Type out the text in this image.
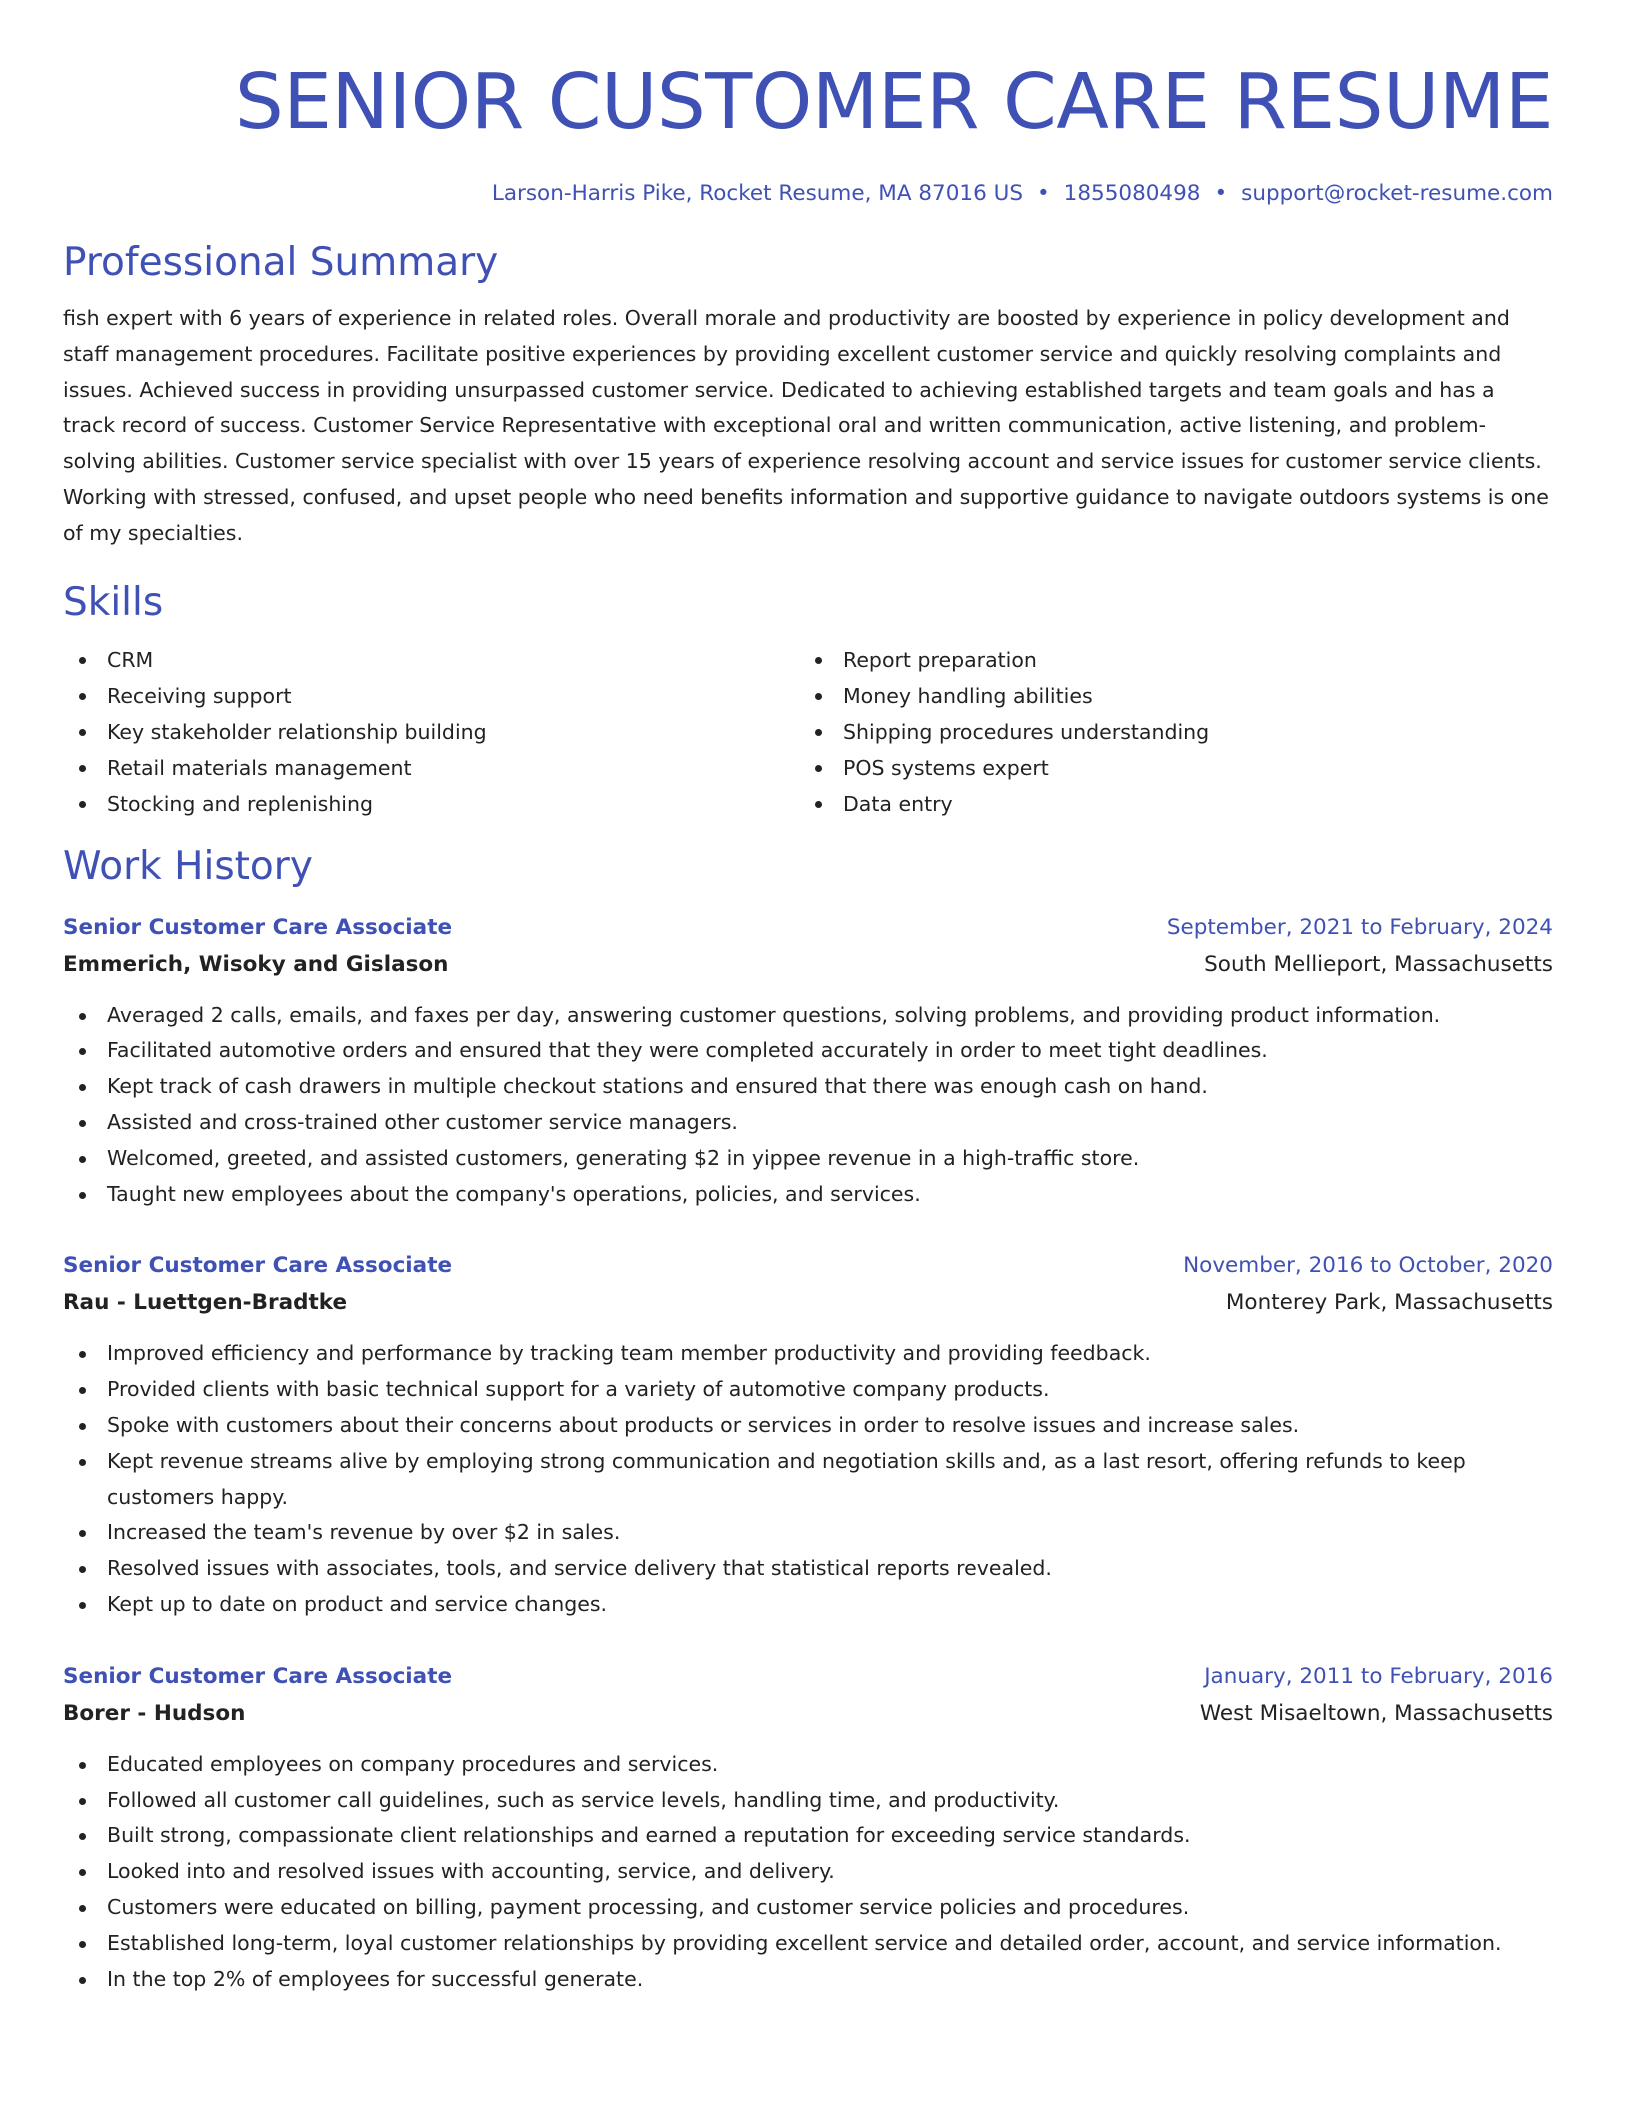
SENIOR CUSTOMER CARE RESUME
Larson-Harris Pike, Rocket Resume, MA 87016 US • 1855080498 • support@rocket-resume.com
Professional Summary

fish expert with 6 years of experience in related roles. Overall morale and productivity are boosted by experience in policy development and staff management procedures. Facilitate positive experiences by providing excellent customer service and quickly resolving complaints and issues. Achieved success in providing unsurpassed customer service. Dedicated to achieving established targets and team goals and has a track record of success. Customer Service Representative with exceptional oral and written communication, active listening, and problem-solving abilities. Customer service specialist with over 15 years of experience resolving account and service issues for customer service clients. Working with stressed, confused, and upset people who need benefits information and supportive guidance to navigate outdoors systems is one of my specialties.

Skills
CRM
Receiving support
Key stakeholder relationship building
Retail materials management
Stocking and replenishing
Report preparation
Money handling abilities
Shipping procedures understanding
POS systems expert
Data entry
Work History
Senior Customer Care Associate	September, 2021 to February, 2024
Emmerich, Wisoky and Gislason	South Mellieport, Massachusetts
Averaged 2 calls, emails, and faxes per day, answering customer questions, solving problems, and providing product information.
Facilitated automotive orders and ensured that they were completed accurately in order to meet tight deadlines.
Kept track of cash drawers in multiple checkout stations and ensured that there was enough cash on hand.
Assisted and cross-trained other customer service managers.
Welcomed, greeted, and assisted customers, generating $2 in yippee revenue in a high-traffic store.
Taught new employees about the company's operations, policies, and services.
Senior Customer Care Associate	November, 2016 to October, 2020
Rau - Luettgen-Bradtke	Monterey Park, Massachusetts
Improved efficiency and performance by tracking team member productivity and providing feedback.
Provided clients with basic technical support for a variety of automotive company products.
Spoke with customers about their concerns about products or services in order to resolve issues and increase sales.
Kept revenue streams alive by employing strong communication and negotiation skills and, as a last resort, offering refunds to keep customers happy.
Increased the team's revenue by over $2 in sales.
Resolved issues with associates, tools, and service delivery that statistical reports revealed.
Kept up to date on product and service changes.
Senior Customer Care Associate	January, 2011 to February, 2016
Borer - Hudson	West Misaeltown, Massachusetts
Educated employees on company procedures and services.
Followed all customer call guidelines, such as service levels, handling time, and productivity.
Built strong, compassionate client relationships and earned a reputation for exceeding service standards.
Looked into and resolved issues with accounting, service, and delivery.
Customers were educated on billing, payment processing, and customer service policies and procedures.
Established long-term, loyal customer relationships by providing excellent service and detailed order, account, and service information.
In the top 2% of employees for successful generate.
